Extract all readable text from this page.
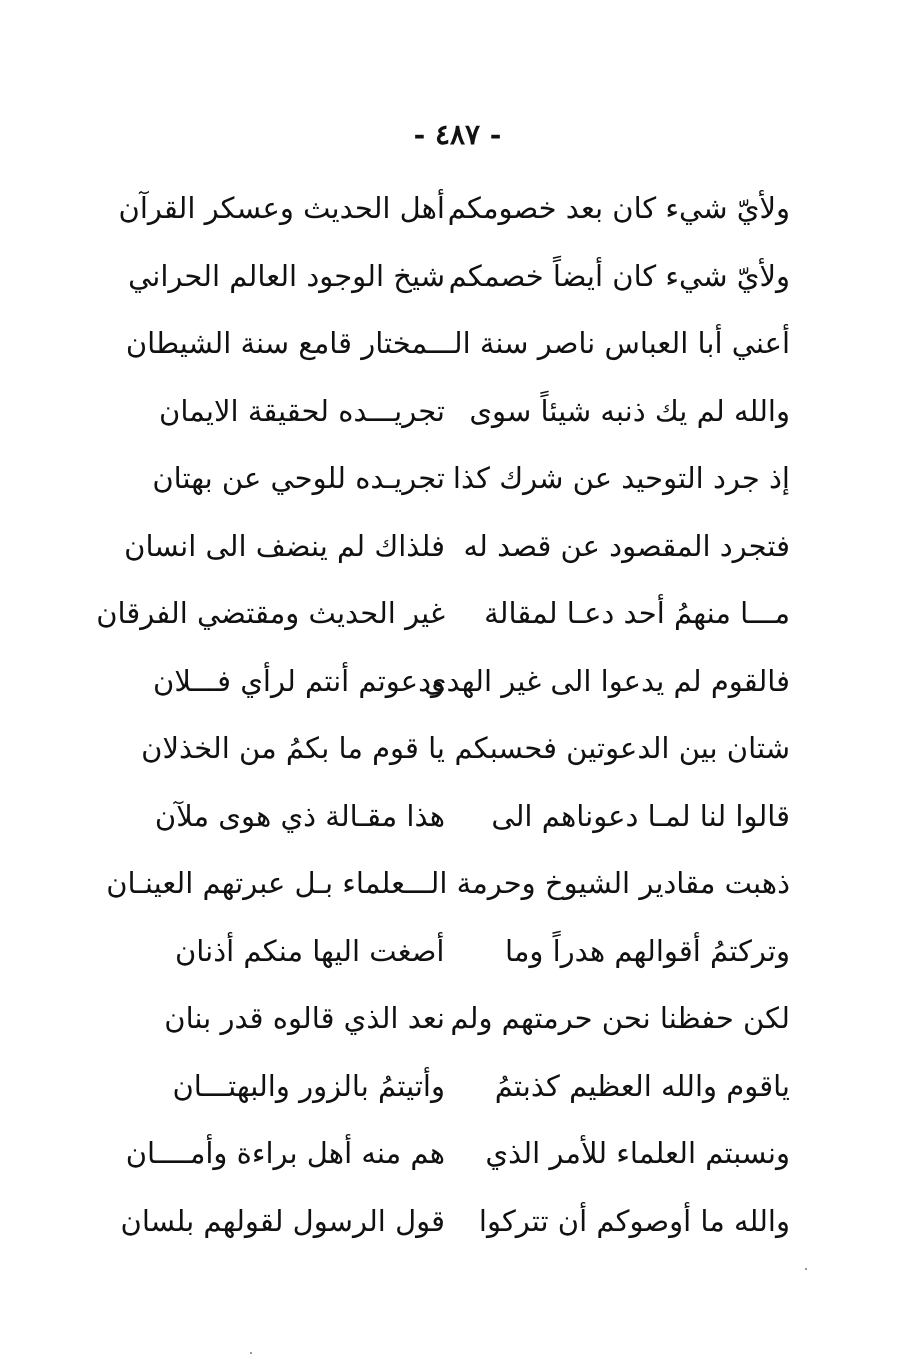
- ٤٨٧ -
ولأيّ شيء كان بعد خصومكم
أهل الحديث وعسكر القرآن
ولأيّ شيء كان أيضاً خصمكم
شيخ الوجود العالم الحراني
أعني أبا العباس ناصر سنة الـــمختار قامع سنة الشيطان
والله لم يك ذنبه شيئاً سوى
تجريـــده لحقيقة الايمان
إذ جرد التوحيد عن شرك كذا
تجريـده للوحي عن بهتان
فتجرد المقصود عن قصد له
فلذاك لم ينضف الى انسان
مـــا منهمُ أحد دعـا لمقالة
غير الحديث ومقتضي الفرقان
فالقوم لم يدعوا الى غير الهدى
ودعوتم أنتم لرأي فـــلان
شتان بين الدعوتين فحسبكم
يا قوم ما بكمُ من الخذلان
قالوا لنا لمـا دعوناهم الى
هذا مقـالة ذي هوى ملآن
ذهبت مقادير الشيوخ وحرمة الـــعلماء بـل عبرتهم العينـان
وتركتمُ أقوالهم هدراً وما
أصغت اليها منكم أذنان
لكن حفظنا نحن حرمتهم ولم
نعد الذي قالوه قدر بنان
ياقوم والله العظيم كذبتمُ
وأتيتمُ بالزور والبهتـــان
ونسبتم العلماء للأمر الذي
هم منه أهل براءة وأمــــان
والله ما أوصوكم أن تتركوا
قول الرسول لقولهم بلسان
